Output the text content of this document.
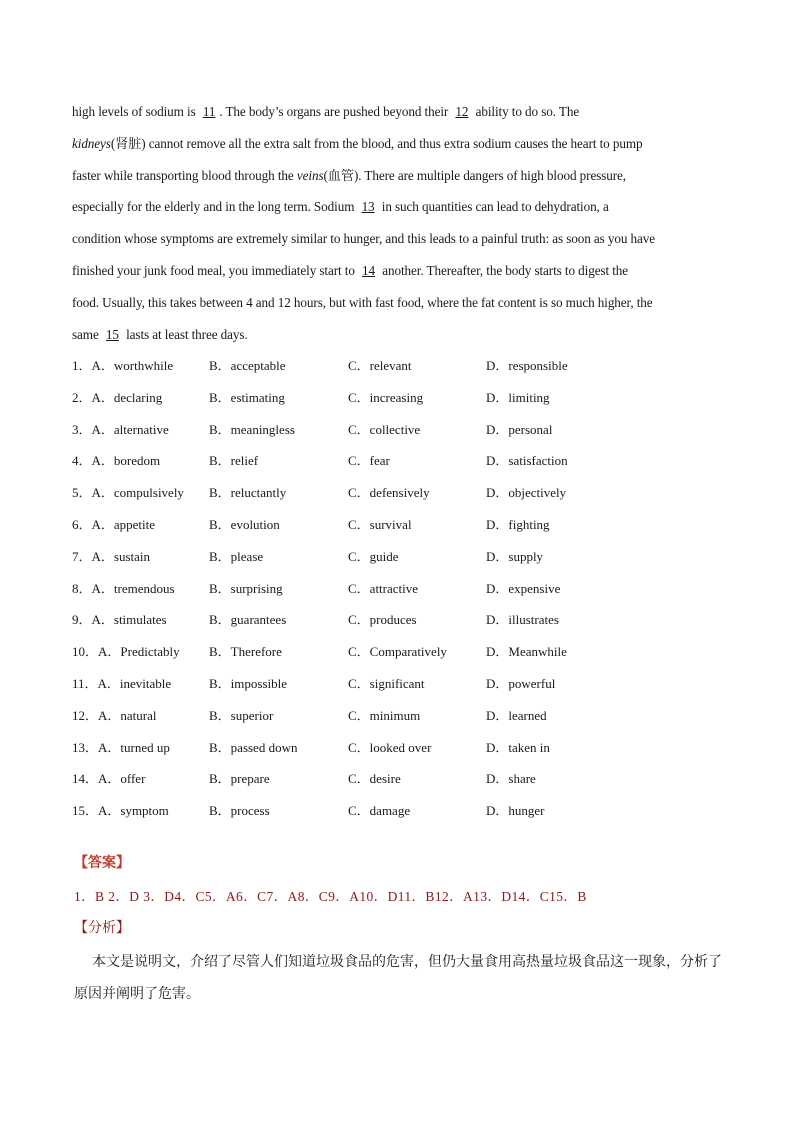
high levels of sodium is 11 . The body’s organs are pushed beyond their 12 ability to do so. The
kidneys(肾脏) cannot remove all the extra salt from the blood, and thus extra sodium causes the heart to pump
faster while transporting blood through the veins(血管). There are multiple dangers of high blood pressure,
especially for the elderly and in the long term. Sodium 13 in such quantities can lead to dehydration, a
condition whose symptoms are extremely similar to hunger, and this leads to a painful truth: as soon as you have
finished your junk food meal, you immediately start to 14 another. Thereafter, the body starts to digest the
food. Usually, this takes between 4 and 12 hours, but with fast food, where the fat content is so much higher, the
same 15 lasts at least three days.
1．A．worthwhile	B．acceptable	C．relevant	D．responsible
2．A．declaring	B．estimating	C．increasing	D．limiting
3．A．alternative	B．meaningless	C．collective	D．personal
4．A．boredom	B．relief	C．fear	D．satisfaction
5．A．compulsively B．reluctantly	C．defensively	D．objectively
6．A．appetite	B．evolution	C．survival	D．fighting
7．A．sustain	B．please	C．guide	D．supply
8．A．tremendous	B．surprising	C．attractive	D．expensive
9．A．stimulates	B．guarantees	C．produces	D．illustrates
10．A．Predictably B．Therefore	C．Comparatively	D．Meanwhile
11．A．inevitable	B．impossible	C．significant	D．powerful
12．A．natural	B．superior	C．minimum	D．learned
13．A．turned up	B．passed down	C．looked over	D．taken in
14．A．offer	B．prepare	C．desire	D．share
15．A．symptom	B．process	C．damage	D．hunger
【答案】
1．B 2．D 3．D4．C5．A6．C7．A8．C9．A10．D11．B12．A13．D14．C15．B
【分析】
本文是说明文，介绍了尽管人们知道垃圾食品的危害，但仍大量食用高热量垃圾食品这一现象，分析了原因并阐明了危害。
